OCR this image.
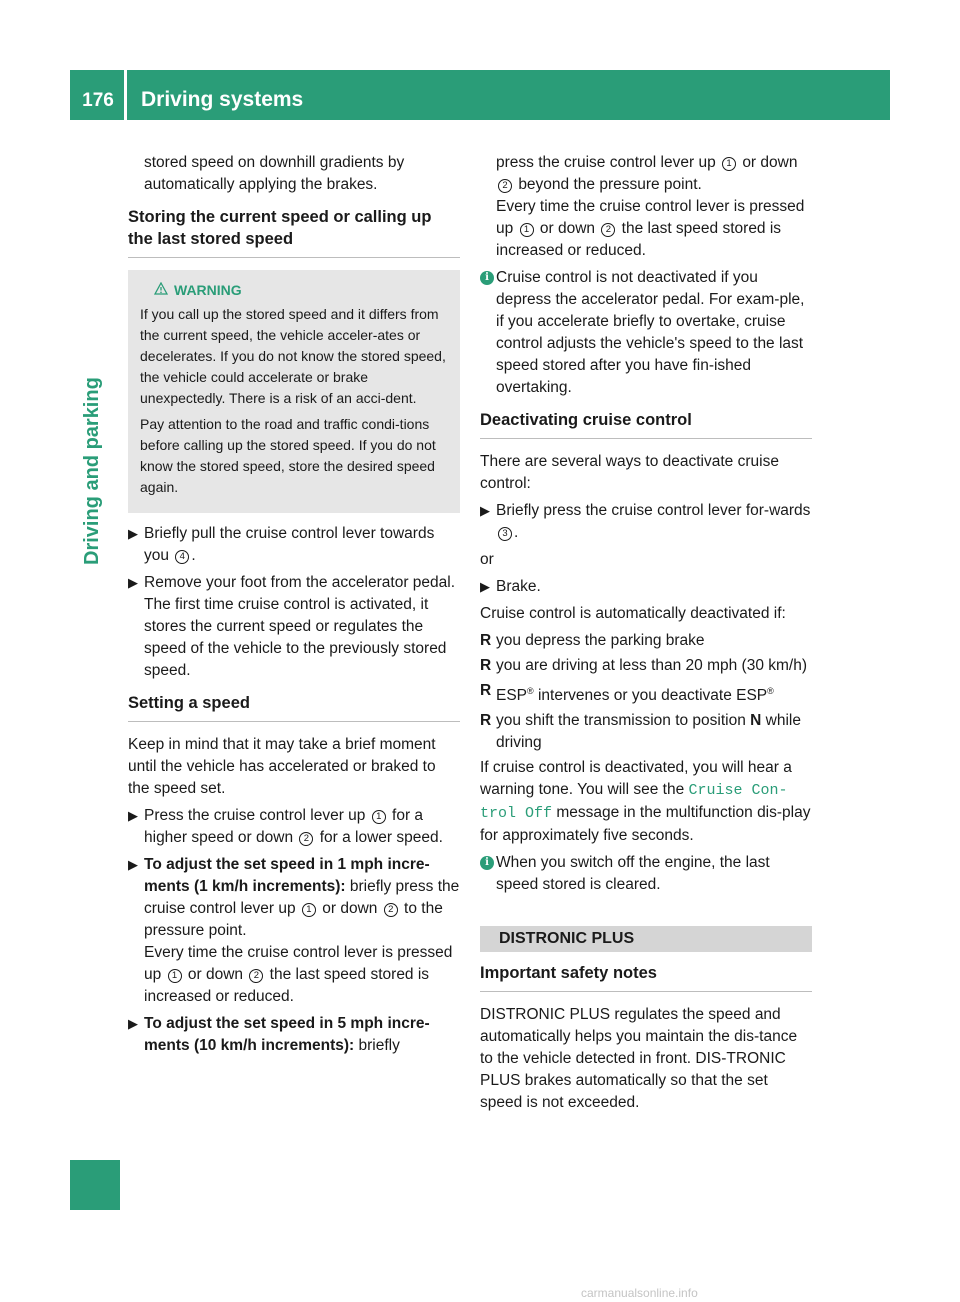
176	Driving systems
Driving and parking

stored speed on downhill gradients by
automatically applying the brakes.

Storing the current speed or calling up the last stored speed
WARNING

If you call up the stored speed and it differs from the current speed, the vehicle acceler-ates or decelerates. If you do not know the stored speed, the vehicle could accelerate or brake unexpectedly. There is a risk of an acci-dent.

Pay attention to the road and traffic condi-tions before calling up the stored speed. If you do not know the stored speed, store the desired speed again.

▶ Briefly pull the cruise control lever towards you 4 .
▶ Remove your foot from the accelerator pedal.
The first time cruise control is activated, it stores the current speed or regulates the speed of the vehicle to the previously stored speed.
Setting a speed

Keep in mind that it may take a brief moment until the vehicle has accelerated or braked to the speed set.

▶ Press the cruise control lever up 1 for a higher speed or down 2 for a lower speed.
▶ To adjust the set speed in 1 mph incre-ments (1 km/h increments): briefly press the cruise control lever up 1 or down 2 to the pressure point.
Every time the cruise control lever is pressed up 1 or down 2 the last speed stored is increased or reduced.
▶ To adjust the set speed in 5 mph incre-ments (10 km/h increments): briefly

press the cruise control lever up 1 or down 2 beyond the pressure point.
Every time the cruise control lever is pressed up 1 or down 2 the last speed stored is increased or reduced.

i Cruise control is not deactivated if you depress the accelerator pedal. For exam-ple, if you accelerate briefly to overtake, cruise control adjusts the vehicle's speed to the last speed stored after you have fin-ished overtaking.
Deactivating cruise control

There are several ways to deactivate cruise control:

▶ Briefly press the cruise control lever for-wards 3 .

or

▶ Brake.

Cruise control is automatically deactivated if:

R you depress the parking brake
R you are driving at less than 20 mph (30 km/h)
R ESP® intervenes or you deactivate ESP®
R you shift the transmission to position N while driving

If cruise control is deactivated, you will hear a warning tone. You will see the Cruise Con-trol Off message in the multifunction dis-play for approximately five seconds.

i When you switch off the engine, the last speed stored is cleared.
DISTRONIC PLUS
Important safety notes

DISTRONIC PLUS regulates the speed and automatically helps you maintain the dis-tance to the vehicle detected in front. DIS-TRONIC PLUS brakes automatically so that the set speed is not exceeded.

carmanualsonline.info
